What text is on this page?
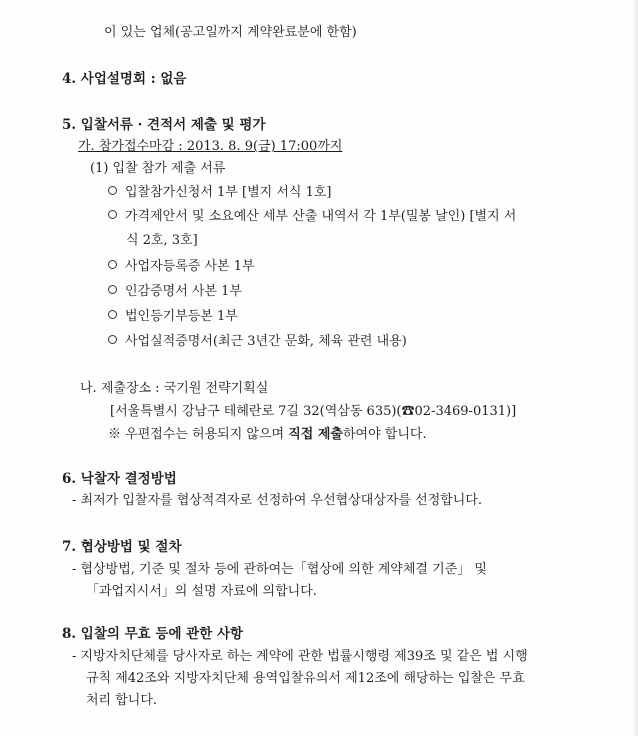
이 있는 업체(공고일까지 계약완료분에 한함)
4. 사업설명회 : 없음
5. 입찰서류 · 견적서 제출 및 평가
가. 참가접수마감 : 2013. 8. 9(금) 17:00까지
(1) 입찰 참가 제출 서류
입찰참가신청서 1부 [별지 서식 1호]
가격제안서 및 소요예산 세부 산출 내역서 각 1부(밀봉 날인) [별지 서
식 2호, 3호]
사업자등록증 사본 1부
인감증명서 사본 1부
법인등기부등본 1부
사업실적증명서(최근 3년간 문화, 체육 관련 내용)
나. 제출장소 : 국기원 전략기획실
[서울특별시 강남구 테헤란로 7길 32(역삼동 635)(☎02-3469-0131)]
※ 우편접수는 허용되지 않으며 직접 제출하여야 합니다.
6. 낙찰자 결정방법
- 최저가 입찰자를 협상적격자로 선정하여 우선협상대상자를 선정합니다.
7. 협상방법 및 절차
- 협상방법, 기준 및 절차 등에 관하여는「협상에 의한 계약체결 기준」 및
「과업지시서」의 설명 자료에 의합니다.
8. 입찰의 무효 등에 관한 사항
- 지방자치단체를 당사자로 하는 계약에 관한 법률시행령 제39조 및 같은 법 시행
규칙 제42조와 지방자치단체 용역입찰유의서 제12조에 해당하는 입찰은 무효
처리 합니다.
